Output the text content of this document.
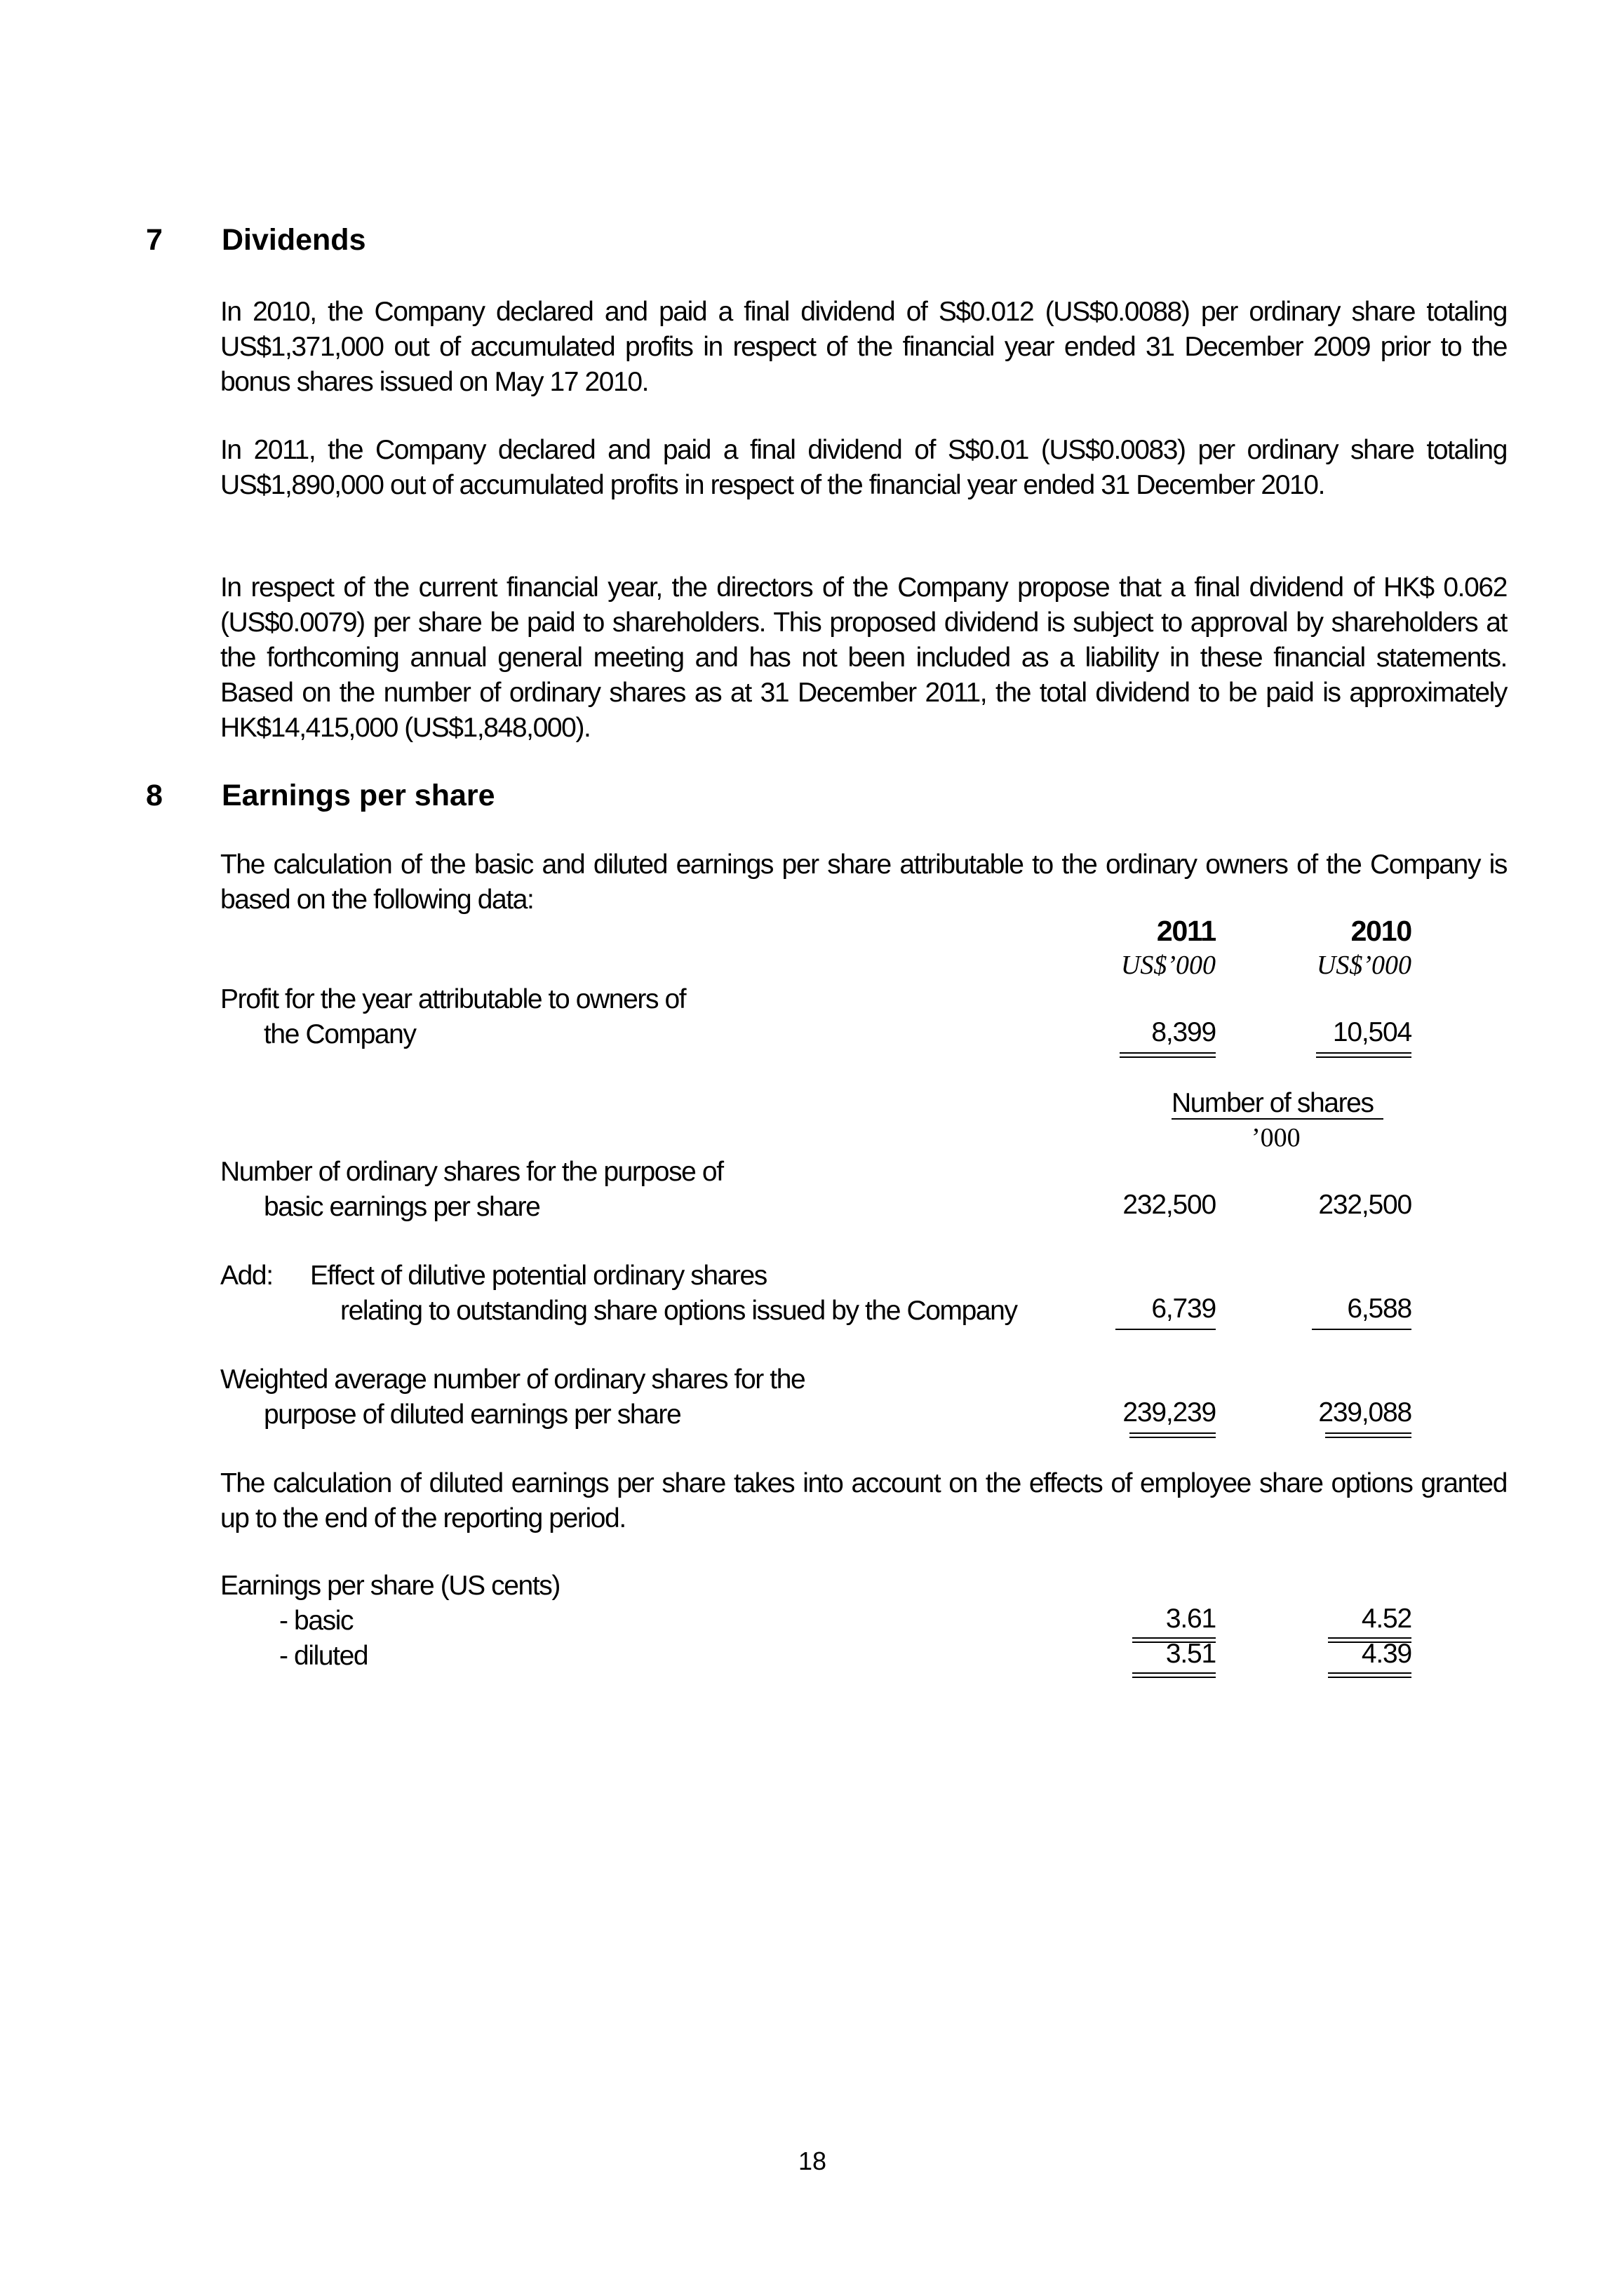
7 Dividends
In 2010, the Company declared and paid a final dividend of S$0.012 (US$0.0088) per ordinary share totaling US$1,371,000 out of accumulated profits in respect of the financial year ended 31 December 2009 prior to the bonus shares issued on May 17 2010.
In 2011, the Company declared and paid a final dividend of S$0.01 (US$0.0083) per ordinary share totaling US$1,890,000 out of accumulated profits in respect of the financial year ended 31 December 2010.
In respect of the current financial year, the directors of the Company propose that a final dividend of HK$ 0.062 (US$0.0079) per share be paid to shareholders. This proposed dividend is subject to approval by shareholders at the forthcoming annual general meeting and has not been included as a liability in these financial statements. Based on the number of ordinary shares as at 31 December 2011, the total dividend to be paid is approximately HK$14,415,000 (US$1,848,000).
8 Earnings per share
The calculation of the basic and diluted earnings per share attributable to the ordinary owners of the Company is based on the following data:
2011	2010
US$’000	US$’000
Profit for the year attributable to owners of
the Company	8,399	10,504
Number of shares
’000
Number of ordinary shares for the purpose of
basic earnings per share	232,500	232,500
Add: Effect of dilutive potential ordinary shares
relating to outstanding share options issued by the Company	6,739	6,588
Weighted average number of ordinary shares for the
purpose of diluted earnings per share	239,239	239,088
The calculation of diluted earnings per share takes into account on the effects of employee share options granted up to the end of the reporting period.
Earnings per share (US cents)
- basic	3.61	4.52
- diluted	3.51	4.39
18
